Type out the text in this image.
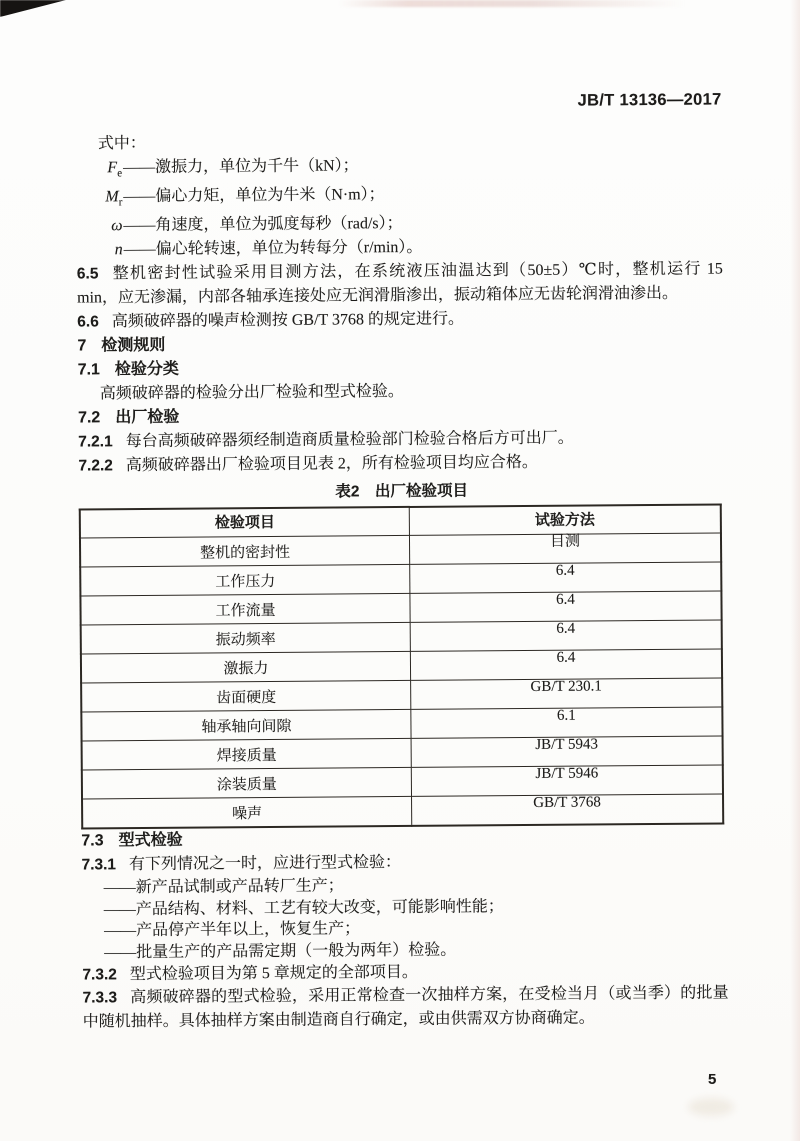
JB/T 13136—2017
式中：
$F_e$ ——激振力，单位为千牛（kN）；
$M_r$ ——偏心力矩，单位为牛米（N·m）；
ω ——角速度，单位为弧度每秒（rad/s）；
n ——偏心轮转速，单位为转每分（r/min）。

6.5 整机密封性试验采用目测方法，在系统液压油温达到（50±5）℃时，整机运行 15 min，应无渗漏，内部各轴承连接处应无润滑脂渗出，振动箱体应无齿轮润滑油渗出。

6.6 高频破碎器的噪声检测按 GB/T 3768 的规定进行。

7 检测规则
7.1 检验分类

高频破碎器的检验分出厂检验和型式检验。

7.2 出厂检验

7.2.1 每台高频破碎器须经制造商质量检验部门检验合格后方可出厂。

7.2.2 高频破碎器出厂检验项目见表 2，所有检验项目均应合格。

表2　出厂检验项目
检验项目	试验方法
整机的密封性	目测
工作压力	6.4
工作流量	6.4
振动频率	6.4
激振力	6.4
齿面硬度	GB/T 230.1
轴承轴向间隙	6.1
焊接质量	JB/T 5943
涂装质量	JB/T 5946
噪声	GB/T 3768
7.3 型式检验

7.3.1 有下列情况之一时，应进行型式检验：

——新产品试制或产品转厂生产；

——产品结构、材料、工艺有较大改变，可能影响性能；

——产品停产半年以上，恢复生产；

——批量生产的产品需定期（一般为两年）检验。

7.3.2 型式检验项目为第 5 章规定的全部项目。

7.3.3 高频破碎器的型式检验，采用正常检查一次抽样方案，在受检当月（或当季）的批量中随机抽样。具体抽样方案由制造商自行确定，或由供需双方协商确定。

5
